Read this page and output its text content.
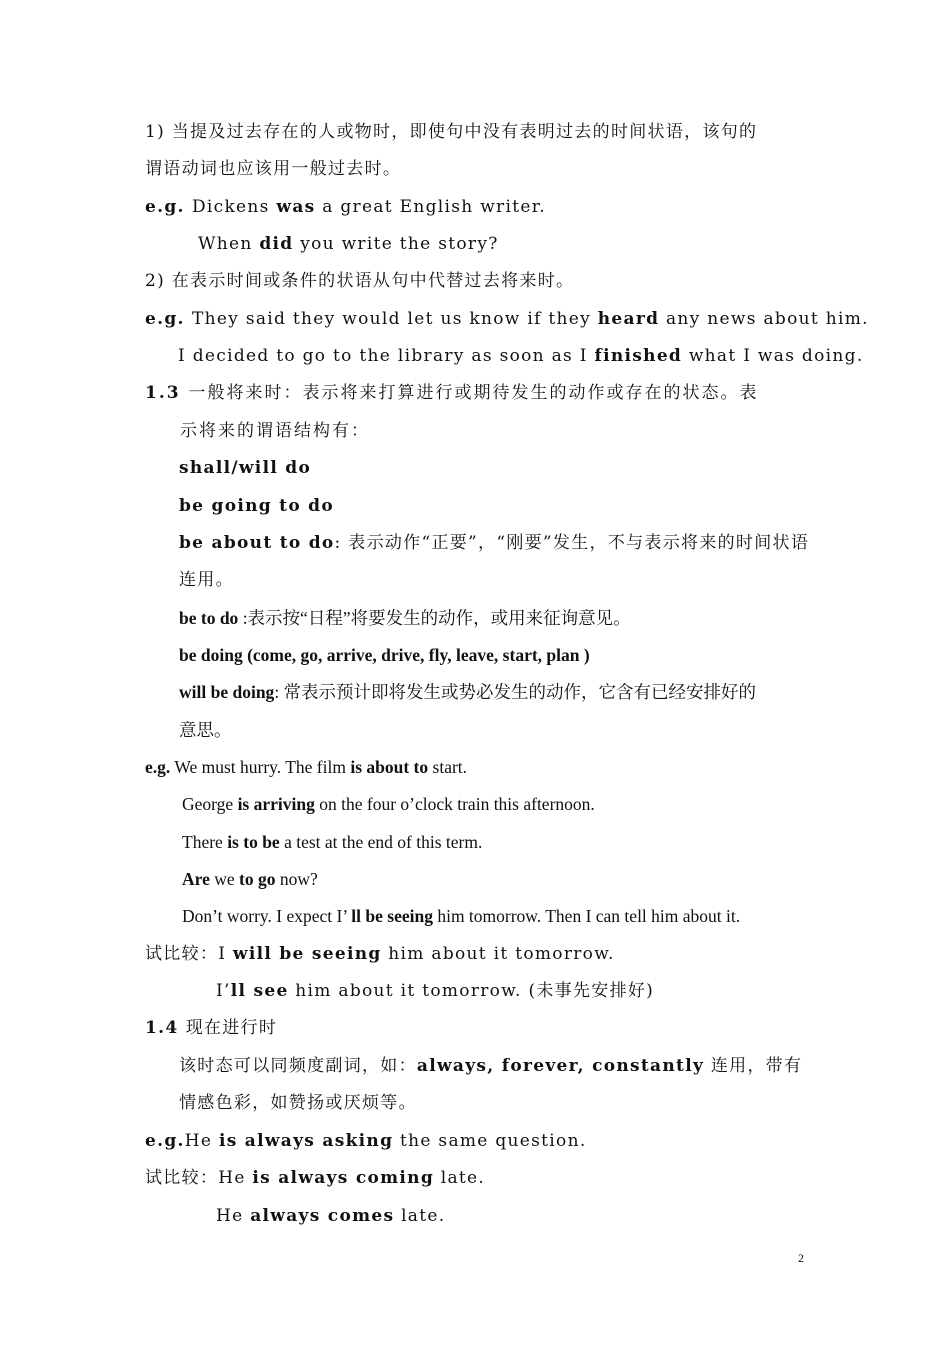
1) 当提及过去存在的人或物时，即使句中没有表明过去的时间状语，该句的
谓语动词也应该用一般过去时。
e.g. Dickens was a great English writer.
When did you write the story?
2) 在表示时间或条件的状语从句中代替过去将来时。
e.g. They said they would let us know if they heard any news about him.
I decided to go to the library as soon as I finished what I was doing.
1.3 一般将来时：表示将来打算进行或期待发生的动作或存在的状态。表
示将来的谓语结构有：
shall/will do
be going to do
be about to do: 表示动作“正要”，“刚要”发生，不与表示将来的时间状语
连用。
be to do :表示按“日程”将要发生的动作，或用来征询意见。
be doing (come, go, arrive, drive, fly, leave, start, plan )
will be doing: 常表示预计即将发生或势必发生的动作，它含有已经安排好的
意思。
e.g. We must hurry. The film is about to start.
George is arriving on the four o’clock train this afternoon.
There is to be a test at the end of this term.
Are we to go now?
Don’t worry. I expect I’ ll be seeing him tomorrow. Then I can tell him about it.
试比较：I will be seeing him about it tomorrow.
I’ll see him about it tomorrow. (未事先安排好)
1.4 现在进行时
该时态可以同频度副词，如：always, forever, constantly 连用，带有
情感色彩，如赞扬或厌烦等。
e.g.He is always asking the same question.
试比较：He is always coming late.
He always comes late.
2
